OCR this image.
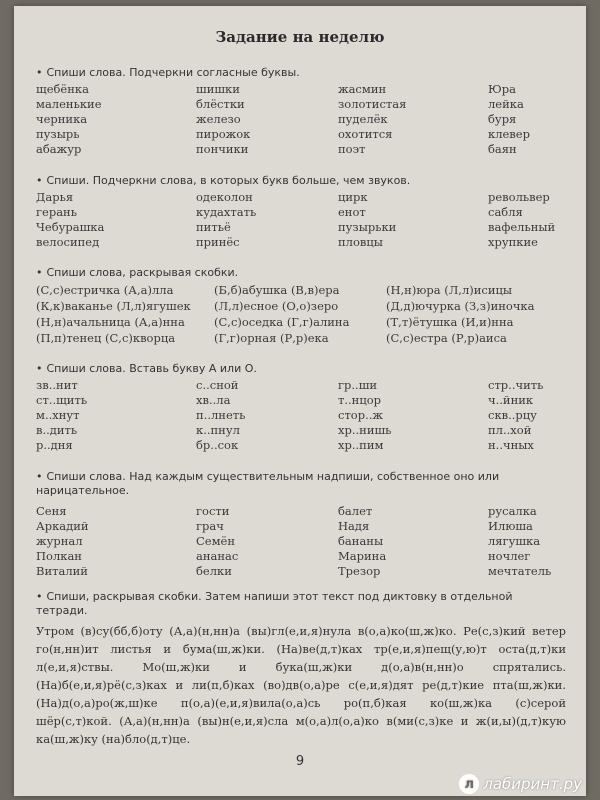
Задание на неделю
• Спиши слова. Подчеркни согласные буквы.
щебёнка
маленькие
черника
пузырь
абажур
шишки
блёстки
железо
пирожок
пончики
жасмин
золотистая
пуделёк
охотится
поэт
Юра
лейка
буря
клевер
баян
• Спиши. Подчеркни слова, в которых букв больше, чем звуков.
Дарья
герань
Чебурашка
велосипед
одеколон
кудахтать
питьё
принёс
цирк
енот
пузырьки
пловцы
револьвер
сабля
вафельный
хрупкие
• Спиши слова, раскрывая скобки.
(С,с)естричка (А,а)лла
(К,к)ваканье (Л,л)ягушек
(Н,н)ачальница (А,а)нна
(П,п)тенец (С,с)кворца
(Б,б)абушка (В,в)ера
(Л,л)есное (О,о)зеро
(С,с)оседка (Г,г)алина
(Г,г)орная (Р,р)ека
(Н,н)юра (Л,л)исицы
(Д,д)ючурка (З,з)иночка
(Т,т)ётушка (И,и)нна
(С,с)естра (Р,р)аиса
• Спиши слова. Вставь букву А или О.
зв..нит
ст..щить
м..хнут
в..дить
р..дня
с..сной
хв..ла
п..лнеть
к..пнул
бр..сок
гр..ши
т..нцор
стор..ж
хр..нишь
хр..пим
стр..чить
ч..йник
скв..рцу
пл..хой
н..чных
• Спиши слова. Над каждым существительным надпиши, собственное оно или нарицательное.
Сеня
Аркадий
журнал
Полкан
Виталий
гости
грач
Семён
ананас
белки
балет
Надя
бананы
Марина
Трезор
русалка
Илюша
лягушка
ночлег
мечтатель
• Спиши, раскрывая скобки. Затем напиши этот текст под диктовку в отдельной тетради.
Утром (в)су(бб,б)оту (А,а)(н,нн)а (вы)гл(е,и,я)нула в(о,а)ко(ш,ж)ко. Ре(с,з)кий ветер го(н,нн)ит листья и бума(ш,ж)ки. (На)ве(д,т)ках тр(е,и,я)пещ(у,ю)т оста(д,т)ки л(е,и,я)ствы. Мо(ш,ж)ки и бука(ш,ж)ки д(о,а)в(н,нн)о спрятались. (На)б(е,и,я)рё(с,з)ках и ли(п,б)ках (во)дв(о,а)ре с(е,и,я)дят ре(д,т)кие пта(ш,ж)ки. (На)д(о,а)ро(ж,ш)ке п(о,а)(е,и,я)вила(о,а)сь ро(п,б)кая ко(ш,ж)ка (с)серой шёр(с,т)кой. (А,а)(н,нн)а (вы)н(е,и,я)сла м(о,а)л(о,а)ко в(ми(с,з)ке и ж(и,ы)(д,т)кую ка(ш,ж)ку (на)бло(д,т)це.
9
л лабиринт.ру
